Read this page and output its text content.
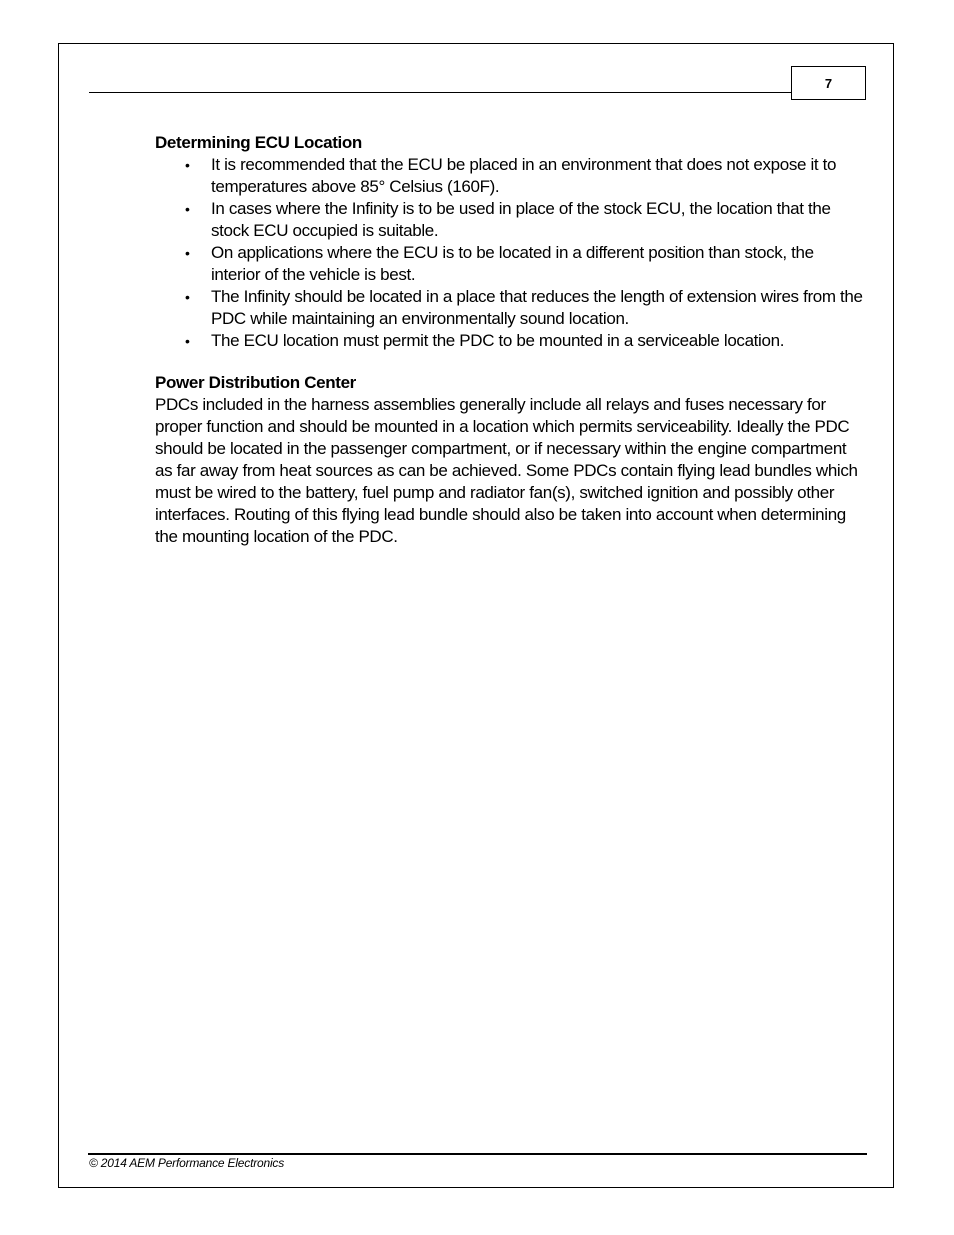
7
Determining ECU Location
• It is recommended that the ECU be placed in an environment that does not expose it to temperatures above 85° Celsius (160F).
• In cases where the Infinity is to be used in place of the stock ECU, the location that the stock ECU occupied is suitable.
• On applications where the ECU is to be located in a different position than stock, the interior of the vehicle is best.
• The Infinity should be located in a place that reduces the length of extension wires from the PDC while maintaining an environmentally sound location.
• The ECU location must permit the PDC to be mounted in a serviceable location.
Power Distribution Center

PDCs included in the harness assemblies generally include all relays and fuses necessary for proper function and should be mounted in a location which permits serviceability. Ideally the PDC should be located in the passenger compartment, or if necessary within the engine compartment as far away from heat sources as can be achieved. Some PDCs contain flying lead bundles which must be wired to the battery, fuel pump and radiator fan(s), switched ignition and possibly other interfaces. Routing of this flying lead bundle should also be taken into account when determining the mounting location of the PDC.

© 2014 AEM Performance Electronics
